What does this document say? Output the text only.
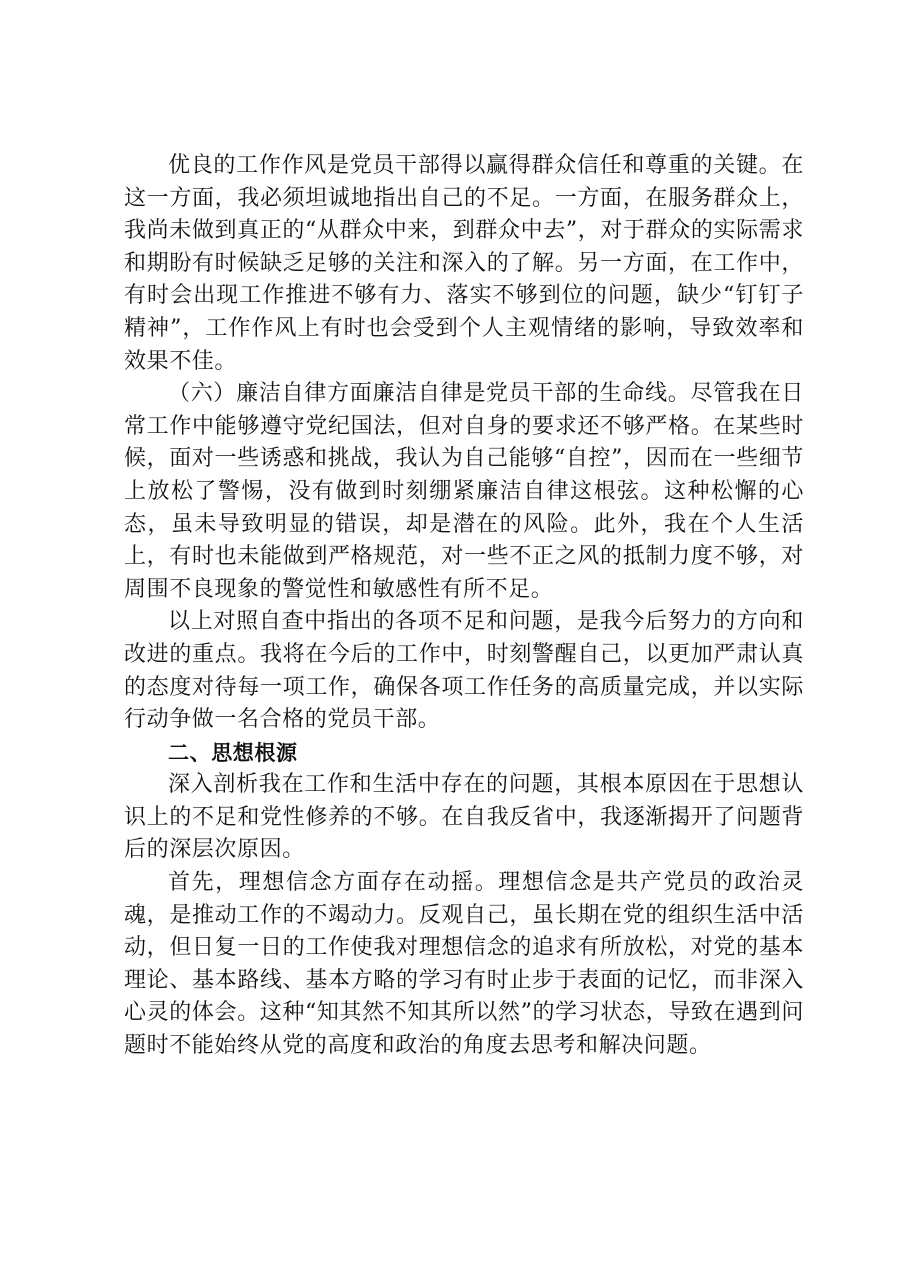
优良的工作作风是党员干部得以赢得群众信任和尊重的关键。在这一方面，我必须坦诚地指出自己的不足。一方面，在服务群众上，我尚未做到真正的“从群众中来，到群众中去”，对于群众的实际需求和期盼有时候缺乏足够的关注和深入的了解。另一方面，在工作中，有时会出现工作推进不够有力、落实不够到位的问题，缺少“钉钉子精神”，工作作风上有时也会受到个人主观情绪的影响，导致效率和效果不佳。

（六）廉洁自律方面廉洁自律是党员干部的生命线。尽管我在日常工作中能够遵守党纪国法，但对自身的要求还不够严格。在某些时候，面对一些诱惑和挑战，我认为自己能够“自控”，因而在一些细节上放松了警惕，没有做到时刻绷紧廉洁自律这根弦。这种松懈的心态，虽未导致明显的错误，却是潜在的风险。此外，我在个人生活上，有时也未能做到严格规范，对一些不正之风的抵制力度不够，对周围不良现象的警觉性和敏感性有所不足。

以上对照自查中指出的各项不足和问题，是我今后努力的方向和改进的重点。我将在今后的工作中，时刻警醒自己，以更加严肃认真的态度对待每一项工作，确保各项工作任务的高质量完成，并以实际行动争做一名合格的党员干部。

二、思想根源

深入剖析我在工作和生活中存在的问题，其根本原因在于思想认识上的不足和党性修养的不够。在自我反省中，我逐渐揭开了问题背后的深层次原因。

首先，理想信念方面存在动摇。理想信念是共产党员的政治灵魂，是推动工作的不竭动力。反观自己，虽长期在党的组织生活中活动，但日复一日的工作使我对理想信念的追求有所放松，对党的基本理论、基本路线、基本方略的学习有时止步于表面的记忆，而非深入心灵的体会。这种“知其然不知其所以然”的学习状态，导致在遇到问题时不能始终从党的高度和政治的角度去思考和解决问题。
